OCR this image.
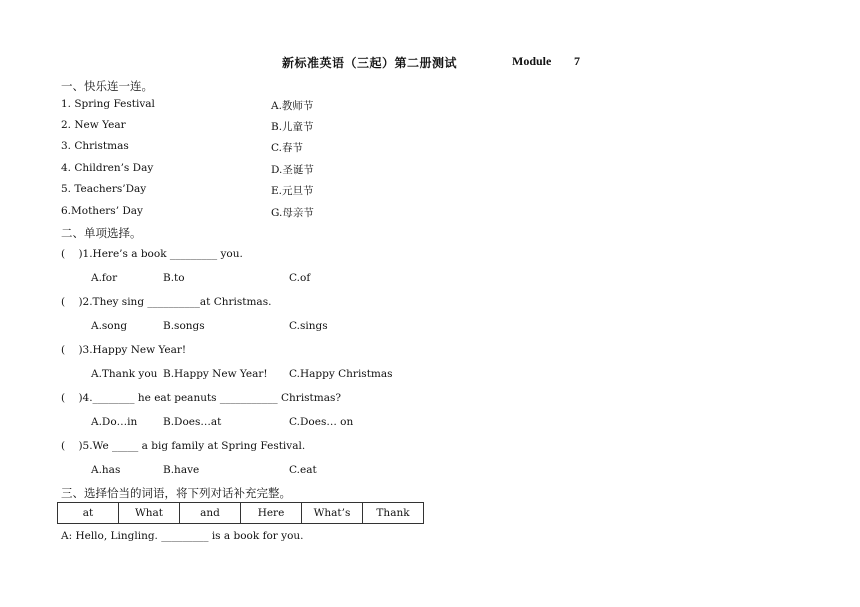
新标准英语（三起）第二册测试	Module 7
一、快乐连一连。
1. Spring Festival	A.教师节
2. New Year	B.儿童节
3. Christmas	C.春节
4. Children’s Day	D.圣诞节
5. Teachers’Day	E.元旦节
6.Mothers’ Day	G.母亲节
二、单项选择。
(    )1.Here’s a book _________ you.
A.for	B.to	C.of
(    )2.They sing __________at Christmas.
A.song	B.songs	C.sings
(    )3.Happy New Year!
A.Thank you B.Happy New Year! C.Happy Christmas
(    )4.________ he eat peanuts ___________ Christmas?
A.Do…in B.Does…at	C.Does… on
(    )5.We _____ a big family at Spring Festival.
A.has	B.have	C.eat
三、选择恰当的词语，将下列对话补充完整。
at	What	and	Here	What’s	Thank
A: Hello, Lingling. _________ is a book for you.
